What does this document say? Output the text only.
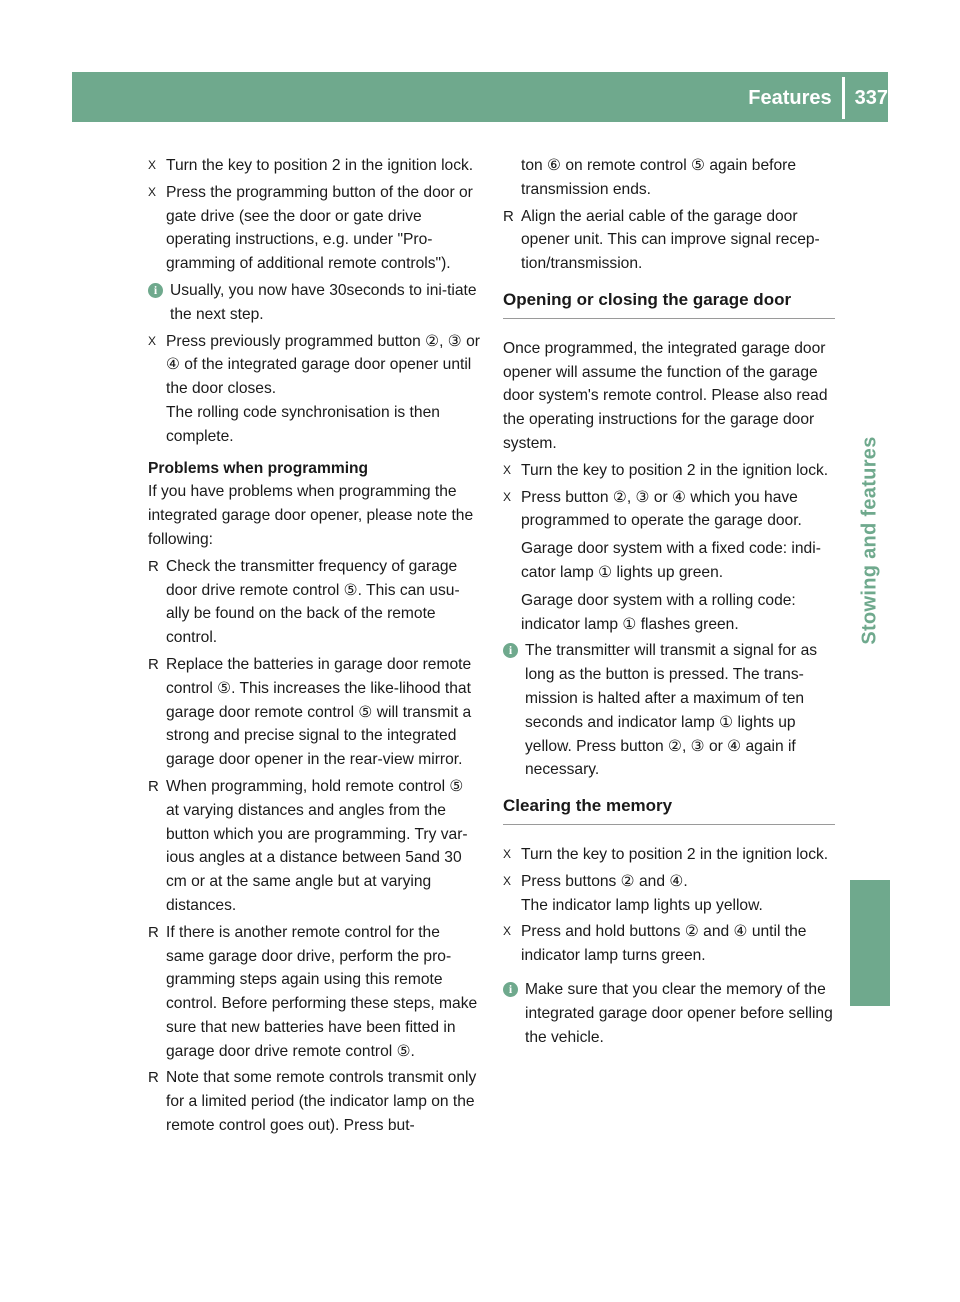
Features 337
Stowing and features
X Turn the key to position 2 in the ignition lock.
X Press the programming button of the door or gate drive (see the door or gate drive operating instructions, e.g. under "Pro-gramming of additional remote controls").
i Usually, you now have 30seconds to ini-tiate the next step.
X Press previously programmed button ②, ③ or ④ of the integrated garage door opener until the door closes.
The rolling code synchronisation is then complete.
Problems when programming

If you have problems when programming the integrated garage door opener, please note the following:

R Check the transmitter frequency of garage door drive remote control ⑤. This can usu-ally be found on the back of the remote control.
R Replace the batteries in garage door remote control ⑤. This increases the like-lihood that garage door remote control ⑤ will transmit a strong and precise signal to the integrated garage door opener in the rear-view mirror.
R When programming, hold remote control ⑤ at varying distances and angles from the button which you are programming. Try var-ious angles at a distance between 5and 30 cm or at the same angle but at varying distances.
R If there is another remote control for the same garage door drive, perform the pro-gramming steps again using this remote control. Before performing these steps, make sure that new batteries have been fitted in garage door drive remote control ⑤.
R Note that some remote controls transmit only for a limited period (the indicator lamp on the remote control goes out). Press but-
ton ⑥ on remote control ⑤ again before transmission ends.
R Align the aerial cable of the garage door opener unit. This can improve signal recep-tion/transmission.
Opening or closing the garage door

Once programmed, the integrated garage door opener will assume the function of the garage door system's remote control. Please also read the operating instructions for the garage door system.

X Turn the key to position 2 in the ignition lock.
X Press button ②, ③ or ④ which you have programmed to operate the garage door.
Garage door system with a fixed code: indi-cator lamp ① lights up green.
Garage door system with a rolling code: indicator lamp ① flashes green.
i The transmitter will transmit a signal for as long as the button is pressed. The trans-mission is halted after a maximum of ten seconds and indicator lamp ① lights up yellow. Press button ②, ③ or ④ again if necessary.
Clearing the memory
X Turn the key to position 2 in the ignition lock.
X Press buttons ② and ④.
The indicator lamp lights up yellow.
X Press and hold buttons ② and ④ until the indicator lamp turns green.
i Make sure that you clear the memory of the integrated garage door opener before selling the vehicle.
